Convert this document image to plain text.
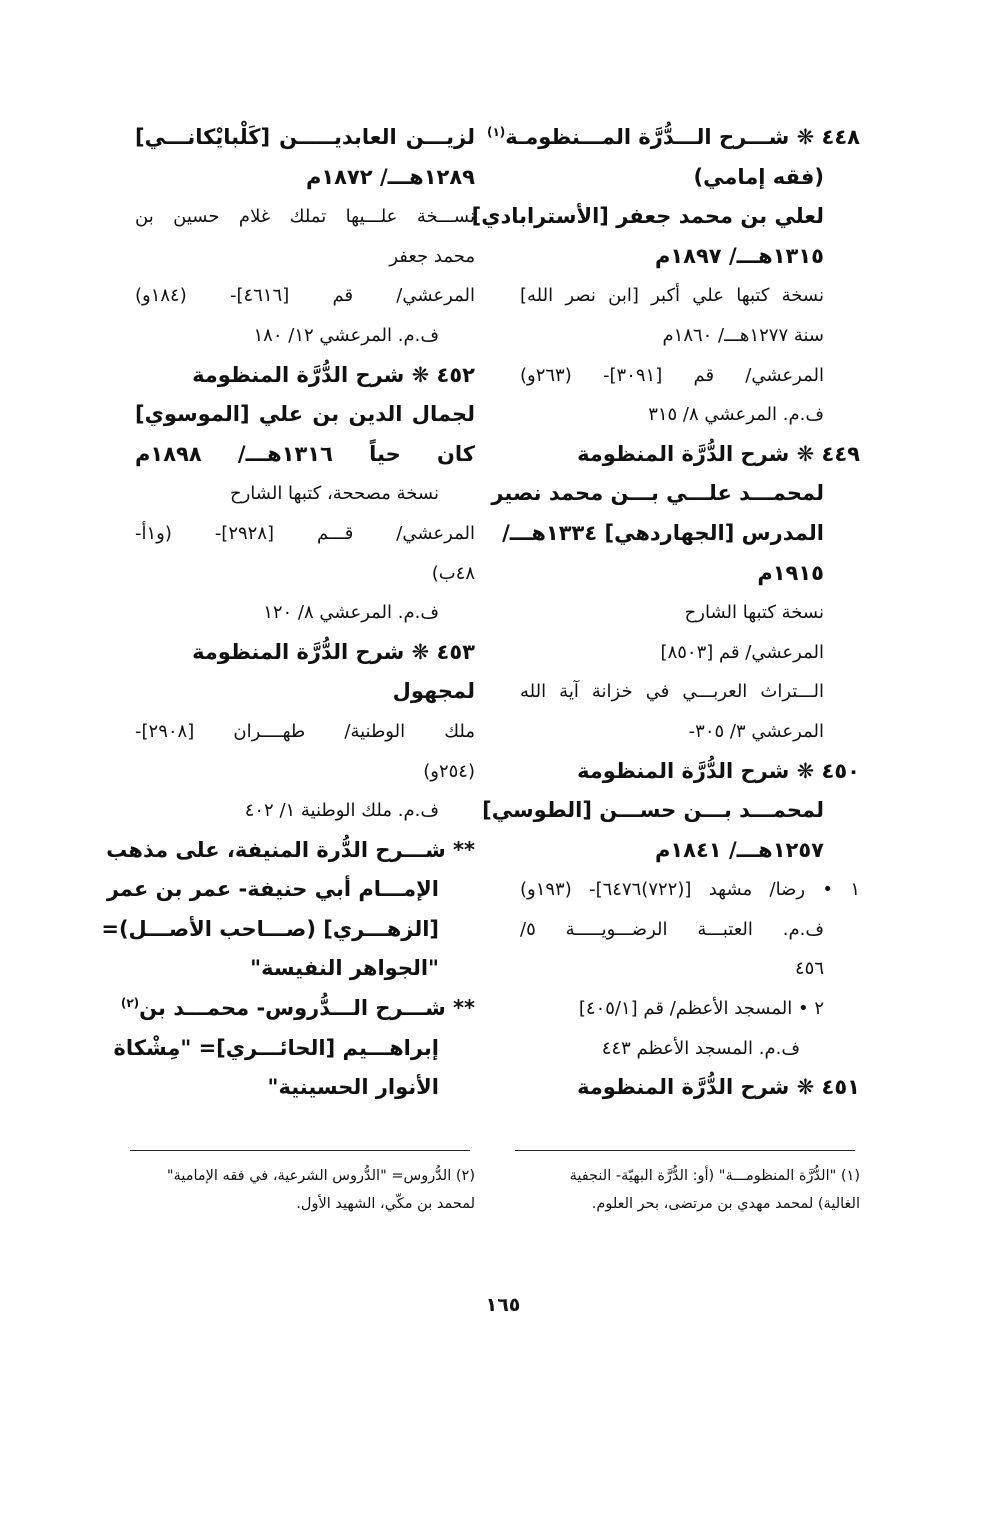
٤٤٨ ❋ شـــرح الـــدُّرَّة المـــنظومـة$^{(١)}$
(فقه إمامي)
لعلي بن محمد جعفر [الأسترابادي]
١٣١٥هـــ/ ١٨٩٧م
نسخة كتبها علي أكبر [ابن نصر الله]
سنة ١٢٧٧هـــ/ ١٨٦٠م
المرعشي/ قم [٣٠٩١]- (٢٦٣و)
ف.م. المرعشي ٨/ ٣١٥
٤٤٩ ❋ شرح الدُّرَّة المنظومة
لمحمـــد علـــي بـــن محمد نصير
المدرس [الجهاردهي] ١٣٣٤هـــ/
١٩١٥م
نسخة كتبها الشارح
المرعشي/ قم [٨٥٠٣]
الـــتراث العربـــي في خزانة آية الله
المرعشي ٣/ ٣٠٥-
٤٥٠ ❋ شرح الدُّرَّة المنظومة
لمحمـــد بـــن حســـن [الطوسي]
١٢٥٧هـــ/ ١٨٤١م
١ • رضا/ مشهد [(٧٢٢)٦٤٧٦]- (١٩٣و)
ف.م. العتبـــة الرضـــويـــــة ٥/
٤٥٦
٢ • المسجد الأعظم/ قم [٤٠٥/١]
ف.م. المسجد الأعظم ٤٤٣
٤٥١ ❋ شرح الدُّرَّة المنظومة
لزيـــن العابديـــــن [كَلْبايْكانـــي]
١٢٨٩هـــ/ ١٨٧٢م
نســـخة علـــيها تملك غلام حسين بن
محمد جعفر
المرعشي/ قم [٤٦١٦]- (١٨٤و)
ف.م. المرعشي ١٢/ ١٨٠
٤٥٢ ❋ شرح الدُّرَّة المنظومة
لجمال الدين بن علي [الموسوي]
كان حياً ١٣١٦هـــ/ ١٨٩٨م
نسخة مصححة، كتبها الشارح
المرعشي/ قـــم [٢٩٢٨]- (و١أ-
٤٨ب)
ف.م. المرعشي ٨/ ١٢٠
٤٥٣ ❋ شرح الدُّرَّة المنظومة
لمجهول
ملك الوطنية/ طهــــران [٢٩٠٨]-
(٢٥٤و)
ف.م. ملك الوطنية ١/ ٤٠٢
** شـــرح الدُّرة المنيفة، على مذهب
الإمـــام أبي حنيفة- عمر بن عمر
[الزهـــري] (صـــاحب الأصـــل)=
"الجواهر النفيسة"
** شـــرح الـــدُّروس- محمـــد بن$^{(٢)}$
إبراهـــيم [الحائـــري]= "مِشْكاة
الأنوار الحسينية"
(١) "الدُّرَّة المنظومـــة" (أو: الدُّرَّة البهيّة- النجفية
الغالية) لمحمد مهدي بن مرتضى، بحر العلوم.
(٢) الدُّروس= "الدُّروس الشرعية، في فقه الإمامية"
لمحمد بن مكّي، الشهيد الأول.
١٦٥
